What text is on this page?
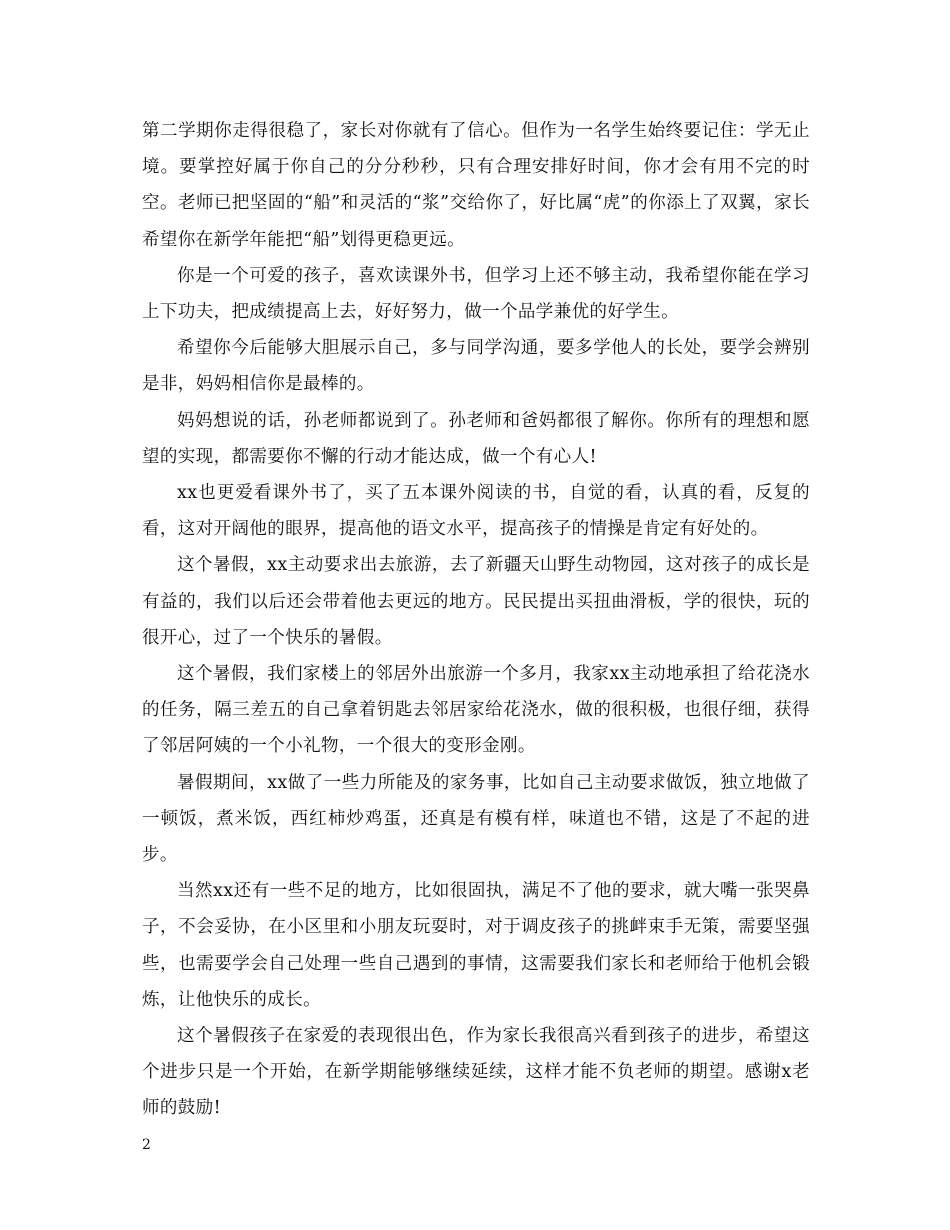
第二学期你走得很稳了，家长对你就有了信心。但作为一名学生始终要记住：学无止境。要掌控好属于你自己的分分秒秒，只有合理安排好时间，你才会有用不完的时空。老师已把坚固的“船”和灵活的“浆”交给你了，好比属“虎”的你添上了双翼，家长希望你在新学年能把“船”划得更稳更远。

你是一个可爱的孩子，喜欢读课外书，但学习上还不够主动，我希望你能在学习上下功夫，把成绩提高上去，好好努力，做一个品学兼优的好学生。

希望你今后能够大胆展示自己，多与同学沟通，要多学他人的长处，要学会辨别是非，妈妈相信你是最棒的。

妈妈想说的话，孙老师都说到了。孙老师和爸妈都很了解你。你所有的理想和愿望的实现，都需要你不懈的行动才能达成，做一个有心人!

xx也更爱看课外书了，买了五本课外阅读的书，自觉的看，认真的看，反复的看，这对开阔他的眼界，提高他的语文水平，提高孩子的情操是肯定有好处的。

这个暑假，xx主动要求出去旅游，去了新疆天山野生动物园，这对孩子的成长是有益的，我们以后还会带着他去更远的地方。民民提出买扭曲滑板，学的很快，玩的很开心，过了一个快乐的暑假。

这个暑假，我们家楼上的邻居外出旅游一个多月，我家xx主动地承担了给花浇水的任务，隔三差五的自己拿着钥匙去邻居家给花浇水，做的很积极，也很仔细，获得了邻居阿姨的一个小礼物，一个很大的变形金刚。

暑假期间，xx做了一些力所能及的家务事，比如自己主动要求做饭，独立地做了一顿饭，煮米饭，西红柿炒鸡蛋，还真是有模有样，味道也不错，这是了不起的进步。

当然xx还有一些不足的地方，比如很固执，满足不了他的要求，就大嘴一张哭鼻子，不会妥协，在小区里和小朋友玩耍时，对于调皮孩子的挑衅束手无策，需要坚强些，也需要学会自己处理一些自己遇到的事情，这需要我们家长和老师给于他机会锻炼，让他快乐的成长。

这个暑假孩子在家爱的表现很出色，作为家长我很高兴看到孩子的进步，希望这个进步只是一个开始，在新学期能够继续延续，这样才能不负老师的期望。感谢x老师的鼓励!

2
